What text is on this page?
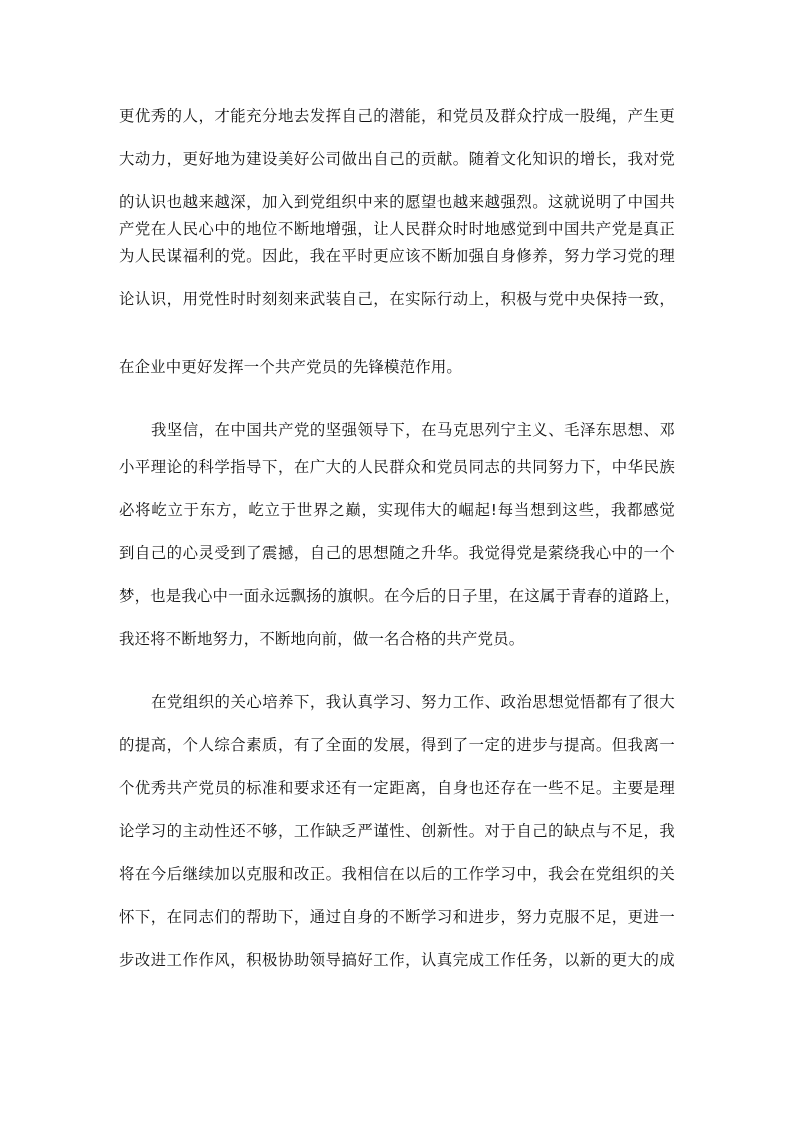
更优秀的人，才能充分地去发挥自己的潜能，和党员及群众拧成一股绳，产生更

大动力，更好地为建设美好公司做出自己的贡献。随着文化知识的增长，我对党

的认识也越来越深，加入到党组织中来的愿望也越来越强烈。这就说明了中国共

产党在人民心中的地位不断地增强，让人民群众时时地感觉到中国共产党是真正

为人民谋福利的党。因此，我在平时更应该不断加强自身修养，努力学习党的理

论认识，用党性时时刻刻来武装自己，在实际行动上，积极与党中央保持一致，

在企业中更好发挥一个共产党员的先锋模范作用。

我坚信，在中国共产党的坚强领导下，在马克思列宁主义、毛泽东思想、邓

小平理论的科学指导下，在广大的人民群众和党员同志的共同努力下，中华民族

必将屹立于东方，屹立于世界之巅，实现伟大的崛起!每当想到这些，我都感觉

到自己的心灵受到了震撼，自己的思想随之升华。我觉得党是萦绕我心中的一个

梦，也是我心中一面永远飘扬的旗帜。在今后的日子里，在这属于青春的道路上，

我还将不断地努力，不断地向前，做一名合格的共产党员。

在党组织的关心培养下，我认真学习、努力工作、政治思想觉悟都有了很大

的提高，个人综合素质，有了全面的发展，得到了一定的进步与提高。但我离一

个优秀共产党员的标准和要求还有一定距离，自身也还存在一些不足。主要是理

论学习的主动性还不够，工作缺乏严谨性、创新性。对于自己的缺点与不足，我

将在今后继续加以克服和改正。我相信在以后的工作学习中，我会在党组织的关

怀下，在同志们的帮助下，通过自身的不断学习和进步，努力克服不足，更进一

步改进工作作风，积极协助领导搞好工作，认真完成工作任务，以新的更大的成
